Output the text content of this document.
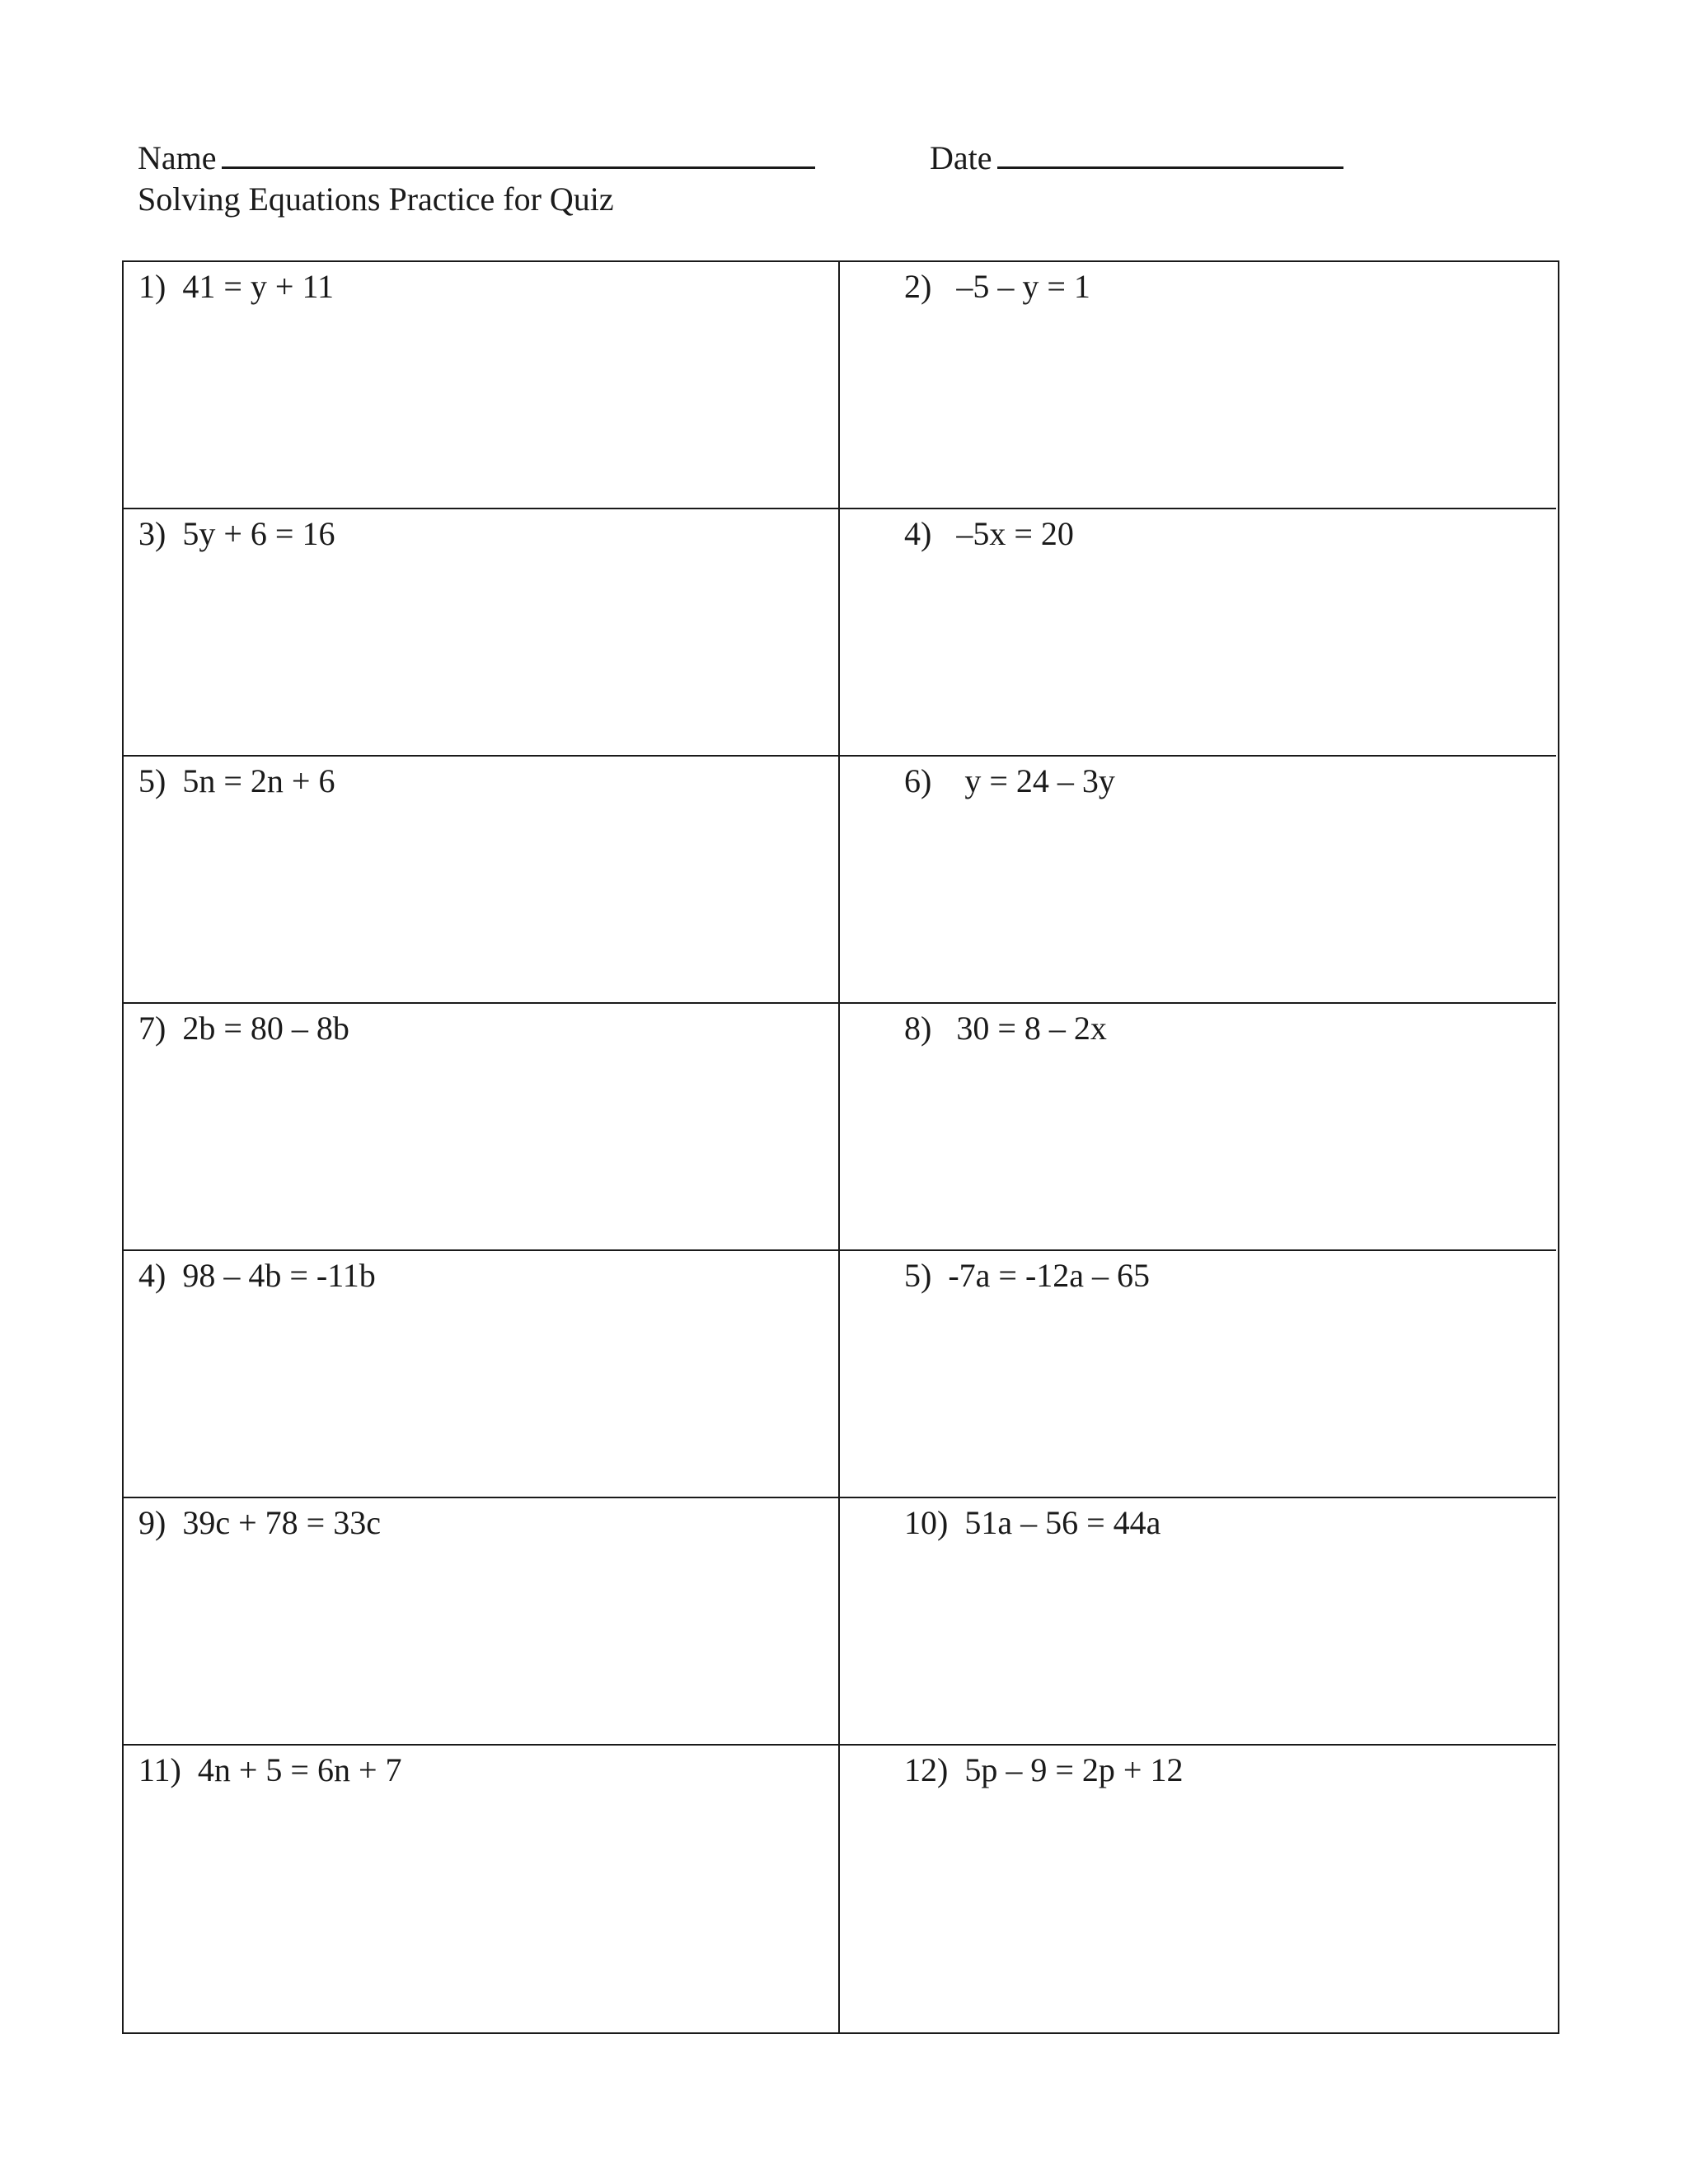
Name	Date
Solving Equations Practice for Quiz
1)  41 = y + 11	2)   –5 – y = 1
3)  5y + 6 = 16	4)   –5x = 20
5)  5n = 2n + 6	6)    y = 24 – 3y
7)  2b = 80 – 8b	8)   30 = 8 – 2x
4)  98 – 4b = -11b	5)  -7a = -12a – 65
9)  39c + 78 = 33c	10)  51a – 56 = 44a
11)  4n + 5 = 6n + 7	12)  5p – 9 = 2p + 12
